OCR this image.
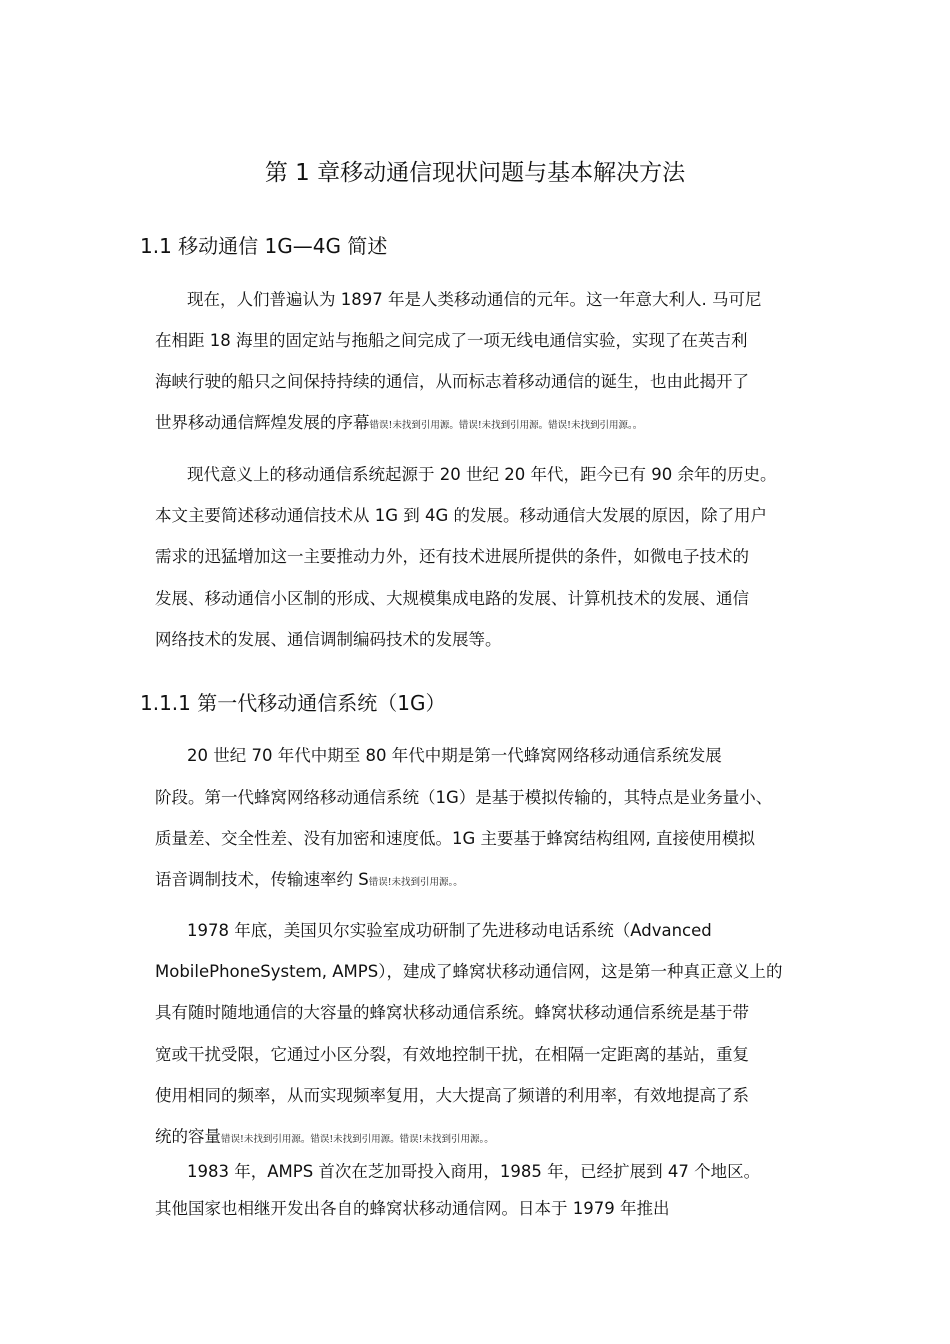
第 1 章移动通信现状问题与基本解决方法
1.1 移动通信 1G—4G 简述
现在，人们普遍认为 1897 年是人类移动通信的元年。这一年意大利人. 马可尼
在相距 18 海里的固定站与拖船之间完成了一项无线电通信实验，实现了在英吉利
海峡行驶的船只之间保持持续的通信，从而标志着移动通信的诞生，也由此揭开了
世界移动通信辉煌发展的序幕错误!未找到引用源。错误!未找到引用源。错误!未找到引用源。。
现代意义上的移动通信系统起源于 20 世纪 20 年代，距今已有 90 余年的历史。
本文主要简述移动通信技术从 1G 到 4G 的发展。移动通信大发展的原因，除了用户
需求的迅猛增加这一主要推动力外，还有技术进展所提供的条件，如微电子技术的
发展、移动通信小区制的形成、大规模集成电路的发展、计算机技术的发展、通信
网络技术的发展、通信调制编码技术的发展等。
1.1.1 第一代移动通信系统（1G）
20 世纪 70 年代中期至 80 年代中期是第一代蜂窝网络移动通信系统发展
阶段。第一代蜂窝网络移动通信系统（1G）是基于模拟传输的，其特点是业务量小、
质量差、交全性差、没有加密和速度低。1G 主要基于蜂窝结构组网, 直接使用模拟
语音调制技术，传输速率约 S错误!未找到引用源。。
1978 年底，美国贝尔实验室成功研制了先进移动电话系统（Advanced
MobilePhoneSystem, AMPS），建成了蜂窝状移动通信网，这是第一种真正意义上的
具有随时随地通信的大容量的蜂窝状移动通信系统。蜂窝状移动通信系统是基于带
宽或干扰受限，它通过小区分裂，有效地控制干扰，在相隔一定距离的基站，重复
使用相同的频率，从而实现频率复用，大大提高了频谱的利用率，有效地提高了系
统的容量错误!未找到引用源。错误!未找到引用源。错误!未找到引用源。。
1983 年，AMPS 首次在芝加哥投入商用，1985 年，已经扩展到 47 个地区。
其他国家也相继开发出各自的蜂窝状移动通信网。日本于 1979 年推出
